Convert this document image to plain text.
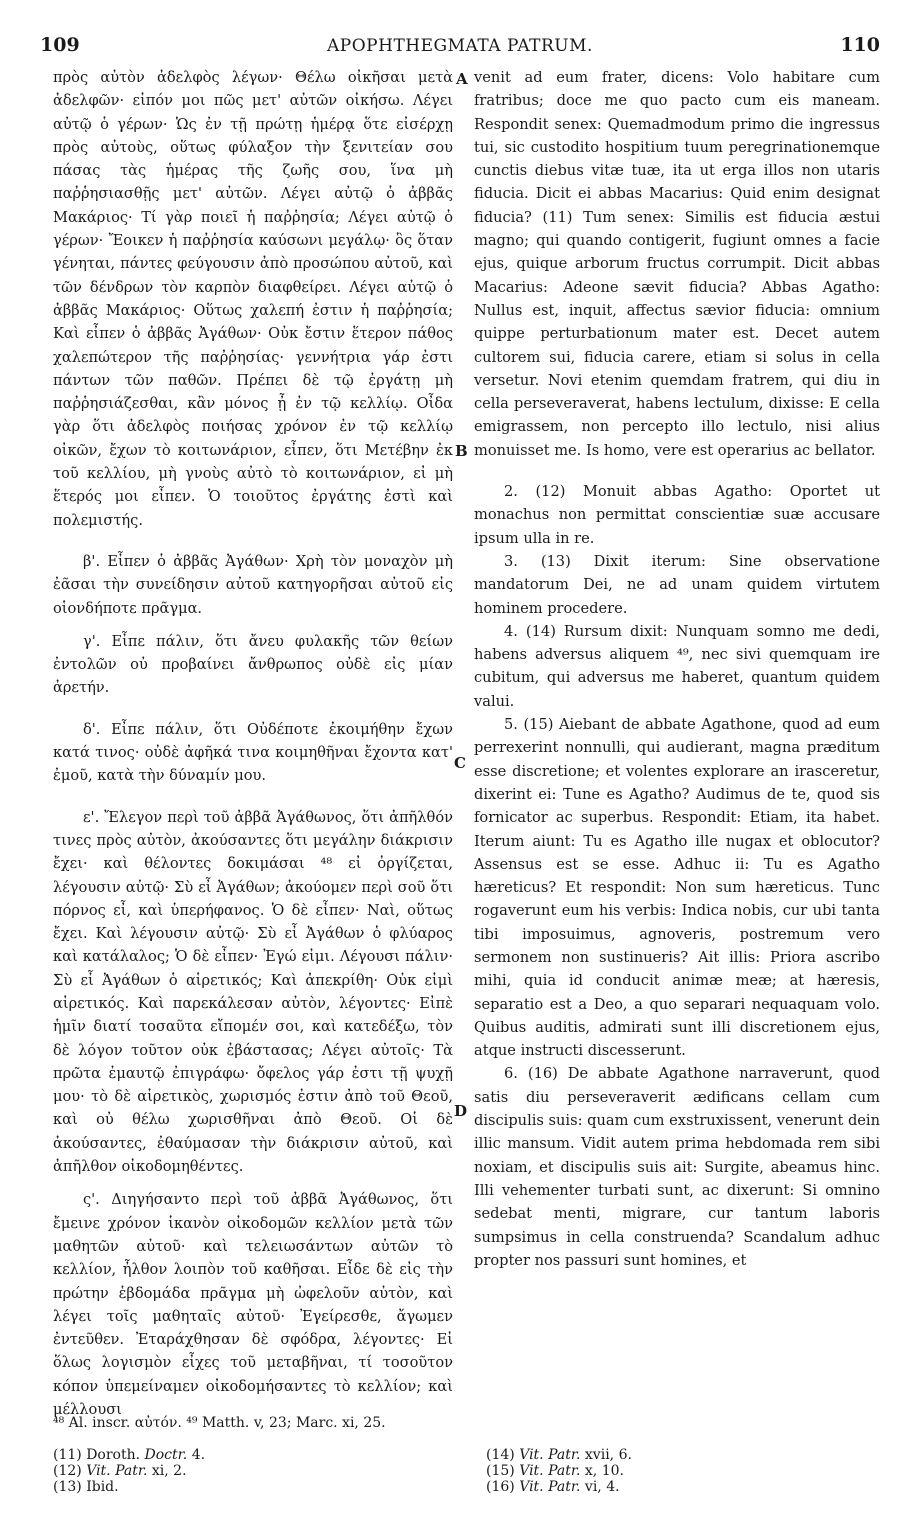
109	APOPHTHEGMATA PATRUM.	110

πρὸς αὐτὸν ἀδελφὸς λέγων· Θέλω οἰκῆσαι μετὰ ἀδελφῶν· εἰπόν μοι πῶς μετ' αὐτῶν οἰκήσω. Λέγει αὐτῷ ὁ γέρων· Ὡς ἐν τῇ πρώτῃ ἡμέρᾳ ὅτε εἰσέρχῃ πρὸς αὐτοὺς, οὕτως φύλαξον τὴν ξενιτείαν σου πάσας τὰς ἡμέρας τῆς ζωῆς σου, ἵνα μὴ παῤῥησιασθῇς μετ' αὐτῶν. Λέγει αὐτῷ ὁ ἀββᾶς Μακάριος· Τί γὰρ ποιεῖ ἡ παῤῥησία; Λέγει αὐτῷ ὁ γέρων· Ἔοικεν ἡ παῤῥησία καύσωνι μεγάλῳ· ὃς ὅταν γένηται, πάντες φεύγουσιν ἀπὸ προσώπου αὐτοῦ, καὶ τῶν δένδρων τὸν καρπὸν διαφθείρει. Λέγει αὐτῷ ὁ ἀββᾶς Μακάριος· Οὕτως χαλεπή ἐστιν ἡ παῤῥησία; Καὶ εἶπεν ὁ ἀββᾶς Ἀγάθων· Οὐκ ἔστιν ἕτερον πάθος χαλεπώτερον τῆς παῤῥησίας· γεννήτρια γάρ ἐστι πάντων τῶν παθῶν. Πρέπει δὲ τῷ ἐργάτῃ μὴ παῤῥησιάζεσθαι, κἂν μόνος ᾖ ἐν τῷ κελλίῳ. Οἶδα γὰρ ὅτι ἀδελφὸς ποιήσας χρόνον ἐν τῷ κελλίῳ οἰκῶν, ἔχων τὸ κοιτωνάριον, εἶπεν, ὅτι Μετέβην ἐκ τοῦ κελλίου, μὴ γνοὺς αὐτὸ τὸ κοιτωνάριον, εἰ μὴ ἕτερός μοι εἶπεν. Ὁ τοιοῦτος ἐργάτης ἐστὶ καὶ πολεμιστής.

β'. Εἶπεν ὁ ἀββᾶς Ἀγάθων· Χρὴ τὸν μοναχὸν μὴ ἐᾶσαι τὴν συνείδησιν αὐτοῦ κατηγορῆσαι αὐτοῦ εἰς οἱονδήποτε πρᾶγμα.

γ'. Εἶπε πάλιν, ὅτι ἄνευ φυλακῆς τῶν θείων ἐντολῶν οὐ προβαίνει ἄνθρωπος οὐδὲ εἰς μίαν ἀρετήν.

δ'. Εἶπε πάλιν, ὅτι Οὐδέποτε ἐκοιμήθην ἔχων κατά τινος· οὐδὲ ἀφῆκά τινα κοιμηθῆναι ἔχοντα κατ' ἐμοῦ, κατὰ τὴν δύναμίν μου.

ε'. Ἔλεγον περὶ τοῦ ἀββᾶ Ἀγάθωνος, ὅτι ἀπῆλθόν τινες πρὸς αὐτὸν, ἀκούσαντες ὅτι μεγάλην διάκρισιν ἔχει· καὶ θέλοντες δοκιμάσαι ⁴⁸ εἰ ὀργίζεται, λέγουσιν αὐτῷ· Σὺ εἶ Ἀγάθων; ἀκούομεν περὶ σοῦ ὅτι πόρνος εἶ, καὶ ὑπερήφανος. Ὁ δὲ εἶπεν· Ναὶ, οὕτως ἔχει. Καὶ λέγουσιν αὐτῷ· Σὺ εἶ Ἀγάθων ὁ φλύαρος καὶ κατάλαλος; Ὁ δὲ εἶπεν· Ἐγώ εἰμι. Λέγουσι πάλιν· Σὺ εἶ Ἀγάθων ὁ αἱρετικός; Καὶ ἀπεκρίθη· Οὐκ εἰμὶ αἱρετικός. Καὶ παρεκάλεσαν αὐτὸν, λέγοντες· Εἰπὲ ἡμῖν διατί τοσαῦτα εἴπομέν σοι, καὶ κατεδέξω, τὸν δὲ λόγον τοῦτον οὐκ ἐβάστασας; Λέγει αὐτοῖς· Τὰ πρῶτα ἐμαυτῷ ἐπιγράφω· ὄφελος γάρ ἐστι τῇ ψυχῇ μου· τὸ δὲ αἱρετικὸς, χωρισμός ἐστιν ἀπὸ τοῦ Θεοῦ, καὶ οὐ θέλω χωρισθῆναι ἀπὸ Θεοῦ. Οἱ δὲ ἀκούσαντες, ἐθαύμασαν τὴν διάκρισιν αὐτοῦ, καὶ ἀπῆλθον οἰκοδομηθέντες.

ς'. Διηγήσαντο περὶ τοῦ ἀββᾶ Ἀγάθωνος, ὅτι ἔμεινε χρόνον ἱκανὸν οἰκοδομῶν κελλίον μετὰ τῶν μαθητῶν αὐτοῦ· καὶ τελειωσάντων αὐτῶν τὸ κελλίον, ἦλθον λοιπὸν τοῦ καθῆσαι. Εἶδε δὲ εἰς τὴν πρώτην ἑβδομάδα πρᾶγμα μὴ ὠφελοῦν αὐτὸν, καὶ λέγει τοῖς μαθηταῖς αὐτοῦ· Ἐγείρεσθε, ἄγωμεν ἐντεῦθεν. Ἐταράχθησαν δὲ σφόδρα, λέγοντες· Εἰ ὅλως λογισμὸν εἶχες τοῦ μεταβῆναι, τί τοσοῦτον κόπον ὑπεμείναμεν οἰκοδομήσαντες τὸ κελλίον; καὶ μέλλουσι

venit ad eum frater, dicens: Volo habitare cum fratribus; doce me quo pacto cum eis maneam. Respondit senex: Quemadmodum primo die ingressus tui, sic custodito hospitium tuum peregrinationemque cunctis diebus vitæ tuæ, ita ut erga illos non utaris fiducia. Dicit ei abbas Macarius: Quid enim designat fiducia? (11) Tum senex: Similis est fiducia æstui magno; qui quando contigerit, fugiunt omnes a facie ejus, quique arborum fructus corrumpit. Dicit abbas Macarius: Adeone sævit fiducia? Abbas Agatho: Nullus est, inquit, affectus sævior fiducia: omnium quippe perturbationum mater est. Decet autem cultorem sui, fiducia carere, etiam si solus in cella versetur. Novi etenim quemdam fratrem, qui diu in cella perseveraverat, habens lectulum, dixisse: E cella emigrassem, non percepto illo lectulo, nisi alius monuisset me. Is homo, vere est operarius ac bellator.

2. (12) Monuit abbas Agatho: Oportet ut monachus non permittat conscientiæ suæ accusare ipsum ulla in re.

3. (13) Dixit iterum: Sine observatione mandatorum Dei, ne ad unam quidem virtutem hominem procedere.

4. (14) Rursum dixit: Nunquam somno me dedi, habens adversus aliquem ⁴⁹, nec sivi quemquam ire cubitum, qui adversus me haberet, quantum quidem valui.

5. (15) Aiebant de abbate Agathone, quod ad eum perrexerint nonnulli, qui audierant, magna præditum esse discretione; et volentes explorare an irasceretur, dixerint ei: Tune es Agatho? Audimus de te, quod sis fornicator ac superbus. Respondit: Etiam, ita habet. Iterum aiunt: Tu es Agatho ille nugax et oblocutor? Assensus est se esse. Adhuc ii: Tu es Agatho hæreticus? Et respondit: Non sum hæreticus. Tunc rogaverunt eum his verbis: Indica nobis, cur ubi tanta tibi imposuimus, agnoveris, postremum vero sermonem non sustinueris? Ait illis: Priora ascribo mihi, quia id conducit animæ meæ; at hæresis, separatio est a Deo, a quo separari nequaquam volo. Quibus auditis, admirati sunt illi discretionem ejus, atque instructi discesserunt.

6. (16) De abbate Agathone narraverunt, quod satis diu perseveraverit ædificans cellam cum discipulis suis: quam cum exstruxissent, venerunt dein illic mansum. Vidit autem prima hebdomada rem sibi noxiam, et discipulis suis ait: Surgite, abeamus hinc. Illi vehementer turbati sunt, ac dixerunt: Si omnino sedebat menti, migrare, cur tantum laboris sumpsimus in cella construenda? Scandalum adhuc propter nos passuri sunt homines, et

A
B
C
D
⁴⁸ Al. inscr. αὐτόν. ⁴⁹ Matth. v, 23; Marc. xi, 25.
(11) Doroth. Doctr. 4.
(12) Vit. Patr. xi, 2.
(13) Ibid.
(14) Vit. Patr. xvii, 6.
(15) Vit. Patr. x, 10.
(16) Vit. Patr. vi, 4.
